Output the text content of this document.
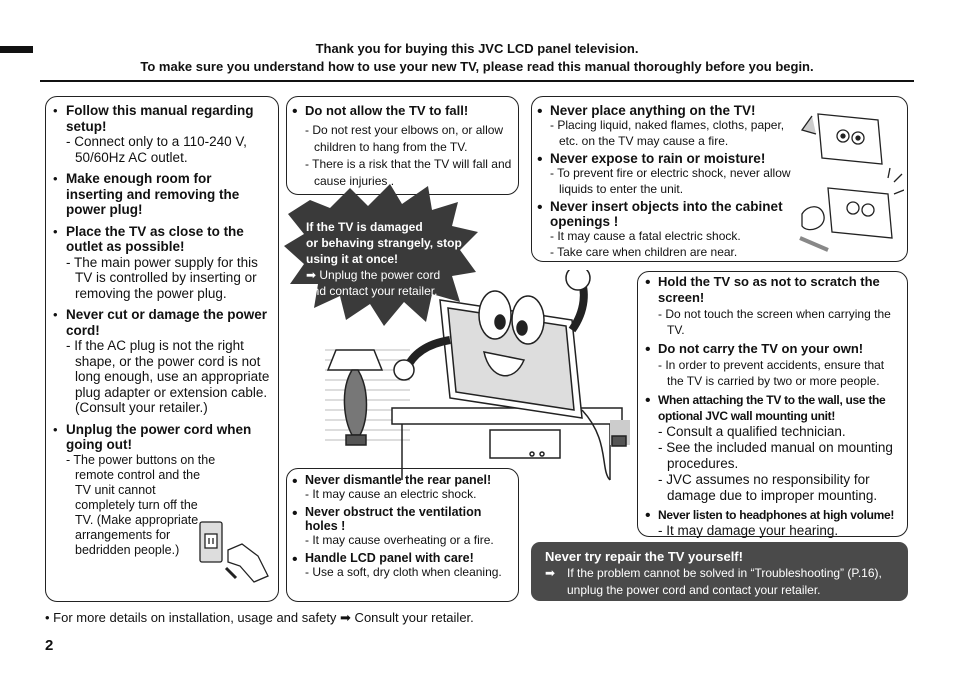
Thank you for buying this JVC LCD panel television.
To make sure you understand how to use your new TV, please read this manual thoroughly before you begin.
• Follow this manual regarding setup!
- Connect only to a 110-240 V, 50/60Hz AC outlet.
• Make enough room for inserting and removing the power plug!
• Place the TV as close to the outlet as possible!
- The main power supply for this TV is controlled by inserting or removing the power plug.
• Never cut or damage the power cord!
- If the AC plug is not the right shape, or the power cord is not long enough, use an appropriate plug adapter or extension cable. (Consult your retailer.)
• Unplug the power cord when going out!
- The power buttons on the remote control and the TV unit cannot completely turn off the TV. (Make appropriate arrangements for bedridden people.)
• Do not allow the TV to fall!
- Do not rest your elbows on, or allow children to hang from the TV.
- There is a risk that the TV will fall and cause injuries .
• Never place anything on the TV!
- Placing liquid, naked flames, cloths, paper, etc. on the TV may cause a fire.
• Never expose to rain or moisture!
- To prevent fire or electric shock, never allow liquids to enter the unit.
• Never insert objects into the cabinet openings !
- It may cause a fatal electric shock.
- Take care when children are near.
• Hold the TV so as not to scratch the screen!
- Do not touch the screen when carrying the TV.
• Do not carry the TV on your own!
- In order to prevent accidents, ensure that the TV is carried by two or more people.
• When attaching the TV to the wall, use the optional JVC wall mounting unit!
- Consult a qualified technician.
- See the included manual on mounting procedures.
- JVC assumes no responsibility for damage due to improper mounting.
• Never listen to headphones at high volume!
- It may damage your hearing.
• Never dismantle the rear panel!
- It may cause an electric shock.
• Never obstruct the ventilation holes !
- It may cause overheating or a fire.
• Handle LCD panel with care!
- Use a soft, dry cloth when cleaning.
Never try repair the TV yourself!
➡ If the problem cannot be solved in “Troubleshooting” (P.16), unplug the power cord and contact your retailer.
If the TV is damaged
or behaving strangely, stop
using it at once!
➡ Unplug the power cord
and contact your retailer.
• For more details on installation, usage and safety ➡ Consult your retailer.
2
